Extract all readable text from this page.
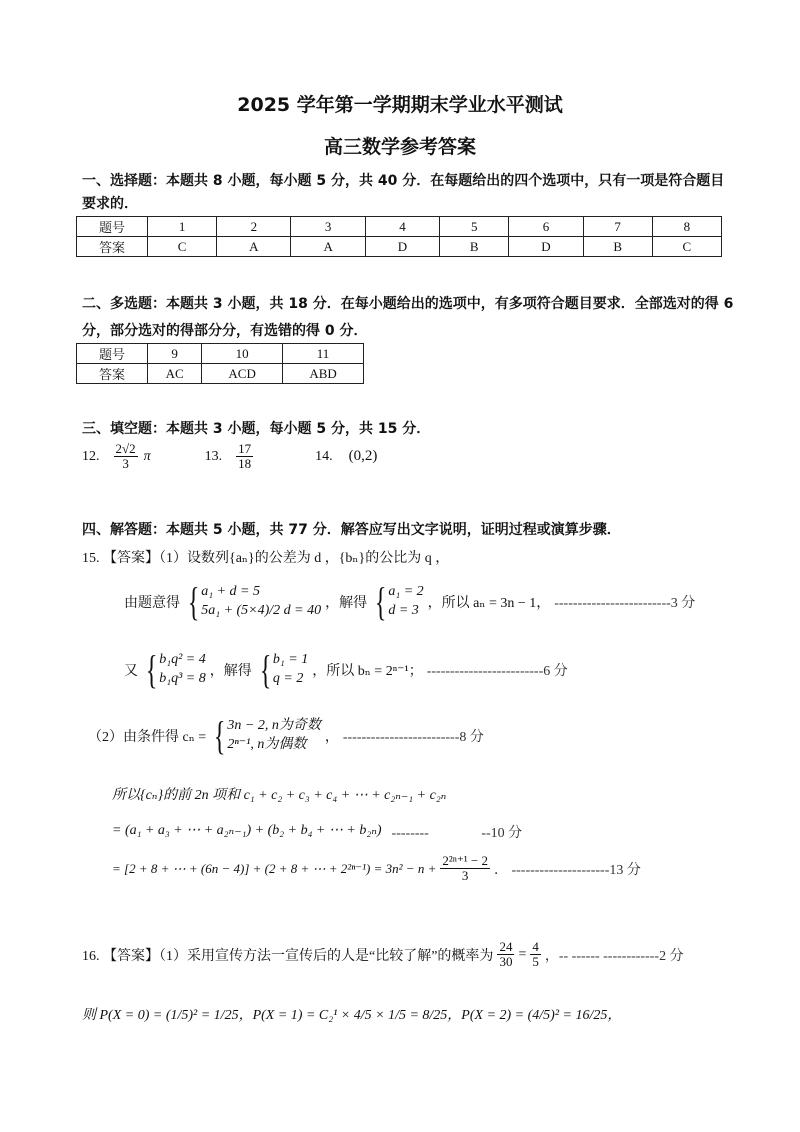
2025 学年第一学期期末学业水平测试
高三数学参考答案
一、选择题：本题共 8 小题，每小题 5 分，共 40 分．在每题给出的四个选项中，只有一项是符合题目
要求的．
题号	1	2	3	4	5	6	7	8
答案	C	A	A	D	B	D	B	C
二、多选题：本题共 3 小题，共 18 分．在每小题给出的选项中，有多项符合题目要求．全部选对的得 6
分，部分选对的得部分分，有选错的得 0 分．
题号	9	10	11
答案	AC	ACD	ABD
三、填空题：本题共 3 小题，每小题 5 分，共 15 分．
12. $\frac{2√2}{3}$ π	13. $\frac{17}{18}$	14. (0,2)
四、解答题：本题共 5 小题，共 77 分．解答应写出文字说明，证明过程或演算步骤．
15. 【答案】（1）设数列{aₙ}的公差为 d ，{bₙ}的公比为 q ，
由题意得 { a₁ + d = 5
5a₁ + (5×4)/2 d = 40 ，解得 { a₁ = 2
d = 3 ，所以 aₙ = 3n − 1， -------------------------3 分
又 { b₁q² = 4
b₁q³ = 8 ，解得 { b₁ = 1
q = 2 ，所以 bₙ = 2ⁿ⁻¹； -------------------------6 分
（2）由条件得 cₙ = { 3n − 2, n为奇数
2ⁿ⁻¹, n为偶数	， -------------------------8 分
所以{cₙ}的前 2n 项和 c₁ + c₂ + c₃ + c₄ + ⋯ + c₂ₙ₋₁ + c₂ₙ
= (a₁ + a₃ + ⋯ + a₂ₙ₋₁) + (b₂ + b₄ + ⋯ + b₂ₙ) --------               --10 分
= [2 + 8 + ⋯ + (6n − 4)] + (2 + 8 + ⋯ + $2^{2n-1}) = 3n^2 - n + \frac{\text{2²ⁿ⁺¹ − 2}}{3}$ ． ---------------------13 分
16. 【答案】（1）采用宣传方法一宣传后的人是“比较了解”的概率为 $\frac{24}{30} = \frac{4}{5}$ ，-- ------ ------------2 分
则 P(X = 0) = (1/5)² = 1/25，P(X = 1) = C₂¹ × 4/5 × 1/5 = 8/25，P(X = 2) = (4/5)² = 16/25，
